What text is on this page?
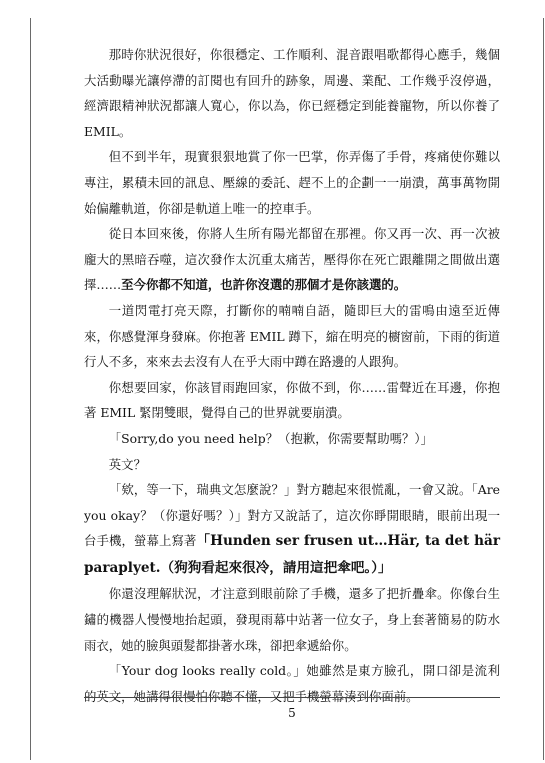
那時你狀況很好，你很穩定、工作順利、混音跟唱歌都得心應手，幾個大活動曝光讓停滯的訂閱也有回升的跡象，周邊、業配、工作幾乎沒停過，經濟跟精神狀況都讓人寬心，你以為，你已經穩定到能養寵物，所以你養了 EMIL。

但不到半年，現實狠狠地賞了你一巴掌，你弄傷了手骨，疼痛使你難以專注，累積未回的訊息、壓線的委託、趕不上的企劃一一崩潰，萬事萬物開始偏離軌道，你卻是軌道上唯一的控車手。

從日本回來後，你將人生所有陽光都留在那裡。你又再一次、再一次被龐大的黑暗吞噬，這次發作太沉重太痛苦，壓得你在死亡跟離開之間做出選擇……至今你都不知道，也許你沒選的那個才是你該選的。

一道閃電打亮天際，打斷你的喃喃自語，隨即巨大的雷鳴由遠至近傳來，你感覺渾身發麻。你抱著 EMIL 蹲下，縮在明亮的櫥窗前，下雨的街道行人不多，來來去去沒有人在乎大雨中蹲在路邊的人跟狗。

你想要回家，你該冒雨跑回家，你做不到，你……雷聲近在耳邊，你抱著 EMIL 緊閉雙眼，覺得自己的世界就要崩潰。

「Sorry,do you need help？（抱歉，你需要幫助嗎？）」

英文？

「欸，等一下，瑞典文怎麼說？」對方聽起來很慌亂，一會又說。「Are you okay？（你還好嗎？）」對方又說話了，這次你睜開眼睛，眼前出現一台手機，螢幕上寫著「Hunden ser frusen ut…Här, ta det här paraplyet.（狗狗看起來很冷，請用這把傘吧。）」

你還沒理解狀況，才注意到眼前除了手機，還多了把折疊傘。你像台生鏽的機器人慢慢地抬起頭，發現雨幕中站著一位女子，身上套著簡易的防水雨衣，她的臉與頭髮都掛著水珠，卻把傘遞給你。

「Your dog looks really cold。」她雖然是東方臉孔，開口卻是流利的英文，她講得很慢怕你聽不懂，又把手機螢幕湊到你面前。

5
